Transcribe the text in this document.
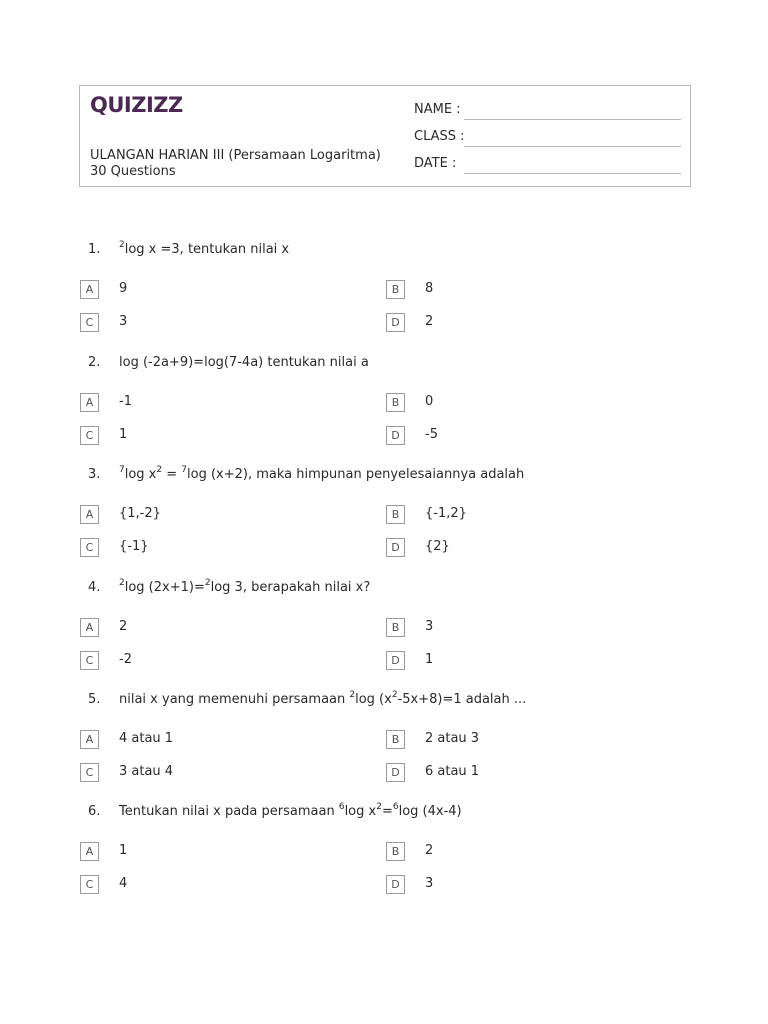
QUIZIZZ
ULANGAN HARIAN III (Persamaan Logaritma)
30 Questions
NAME :
CLASS :
DATE :
1. $^2$log x =3, tentukan nilai x
A	9	B	8
C	3	D	2
2. log (-2a+9)=log(7-4a) tentukan nilai a
A	-1	B	0
C	1	D	-5
3. $^7$log $x^2 = ^7\log$ (x+2), maka himpunan penyelesaiannya adalah
A	{1,-2}	B	{-1,2}
C	{-1}	D	{2}
4. $^2$log (2x+1)=$^2$log 3, berapakah nilai x?
A	2	B	3
C	-2	D	1
5. nilai x yang memenuhi persamaan $^2$log $(x^2-5x+8)=1$ adalah ...
A	4 atau 1	B	2 atau 3
C	3 atau 4	D	6 atau 1
6. Tentukan nilai x pada persamaan $^6$log $x^2=^6\log$ (4x-4)
A	1	B	2
C	4	D	3
